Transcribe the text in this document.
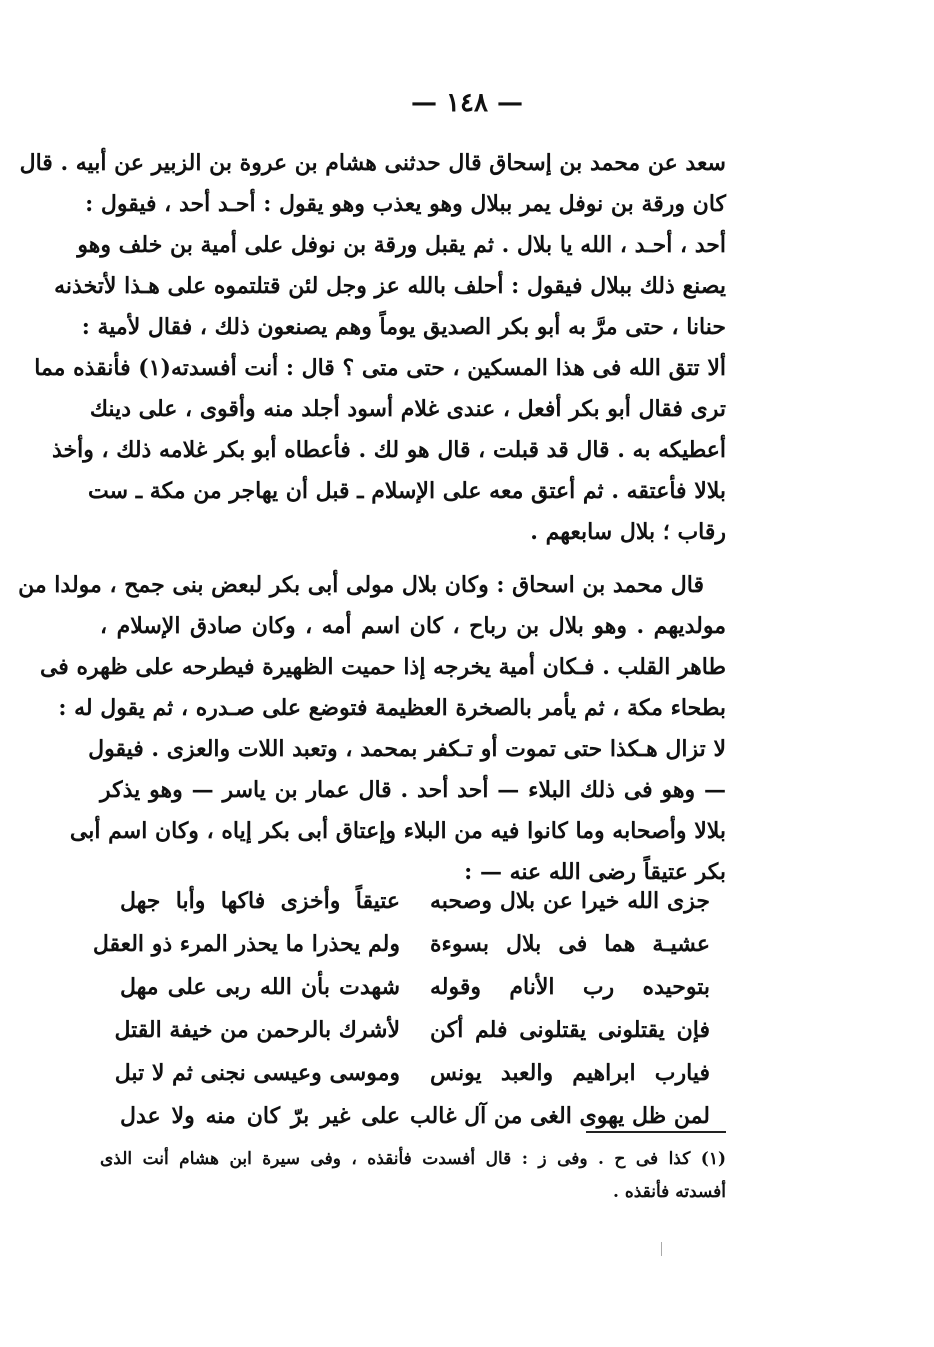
— ١٤٨ —
سعد عن محمد بن إسحاق قال حدثنى هشام بن عروة بن الزبير عن أبيه . قال
كان ورقة بن نوفل يمر ببلال وهو يعذب وهو يقول : أحـد أحد ، فيقول :
أحد ، أحـد ، الله يا بلال . ثم يقبل ورقة بن نوفل على أمية بن خلف وهو
يصنع ذلك ببلال فيقول : أحلف بالله عز وجل لئن قتلتموه على هـذا لأتخذنه
حنانا ، حتى مرَّ به أبو بكر الصديق يوماً وهم يصنعون ذلك ، فقال لأمية :
ألا تتق الله فى هذا المسكين ، حتى متى ؟ قال : أنت أفسدته(١) فأنقذه مما
ترى فقال أبو بكر أفعل ، عندى غلام أسود أجلد منه وأقوى ، على دينك
أعطيكه به . قال قد قبلت ، قال هو لك . فأعطاه أبو بكر غلامه ذلك ، وأخذ
بلالا فأعتقه . ثم أعتق معه على الإسلام ـ قبل أن يهاجر من مكة ـ ست
رقاب ؛ بلال سابعهم .
قال محمد بن اسحاق : وكان بلال مولى أبى بكر لبعض بنى جمح ، مولدا من
مولديهم . وهو بلال بن رباح ، كان اسم أمه ، وكان صادق الإسلام ،
طاهر القلب . فـكان أمية يخرجه إذا حميت الظهيرة فيطرحه على ظهره فى
بطحاء مكة ، ثم يأمر بالصخرة العظيمة فتوضع على صـدره ، ثم يقول له :
لا تزال هـكذا حتى تموت أو تـكفر بمحمد ، وتعبد اللات والعزى . فيقول
— وهو فى ذلك البلاء — أحد أحد . قال عمار بن ياسر — وهو يذكر
بلالا وأصحابه وما كانوا فيه من البلاء وإعتاق أبى بكر إياه ، وكان اسم أبى
بكر عتيقاً رضى الله عنه — :
جزى الله خيرا عن بلال وصحبه
عتيقاً وأخزى فاكها وأبا جهل
عشيـة هما فى بلال بسوءة
ولم يحذرا ما يحذر المرء ذو العقل
بتوحيده رب الأنام وقوله
شهدت بأن الله ربى على مهل
فإن يقتلونى يقتلونى فلم أكن
لأشرك بالرحمن من خيفة القتل
فيارب ابراهيم والعبد يونس
وموسى وعيسى نجنى ثم لا تبل
لمن ظل يهوى الغى من آل غالب
على غير برّ كان منه ولا عدل
(١) كذا فى ح . وفى ز : قال أفسدت فأنقذه ، وفى سيرة ابن هشام أنت الذى
أفسدته فأنقذه .
